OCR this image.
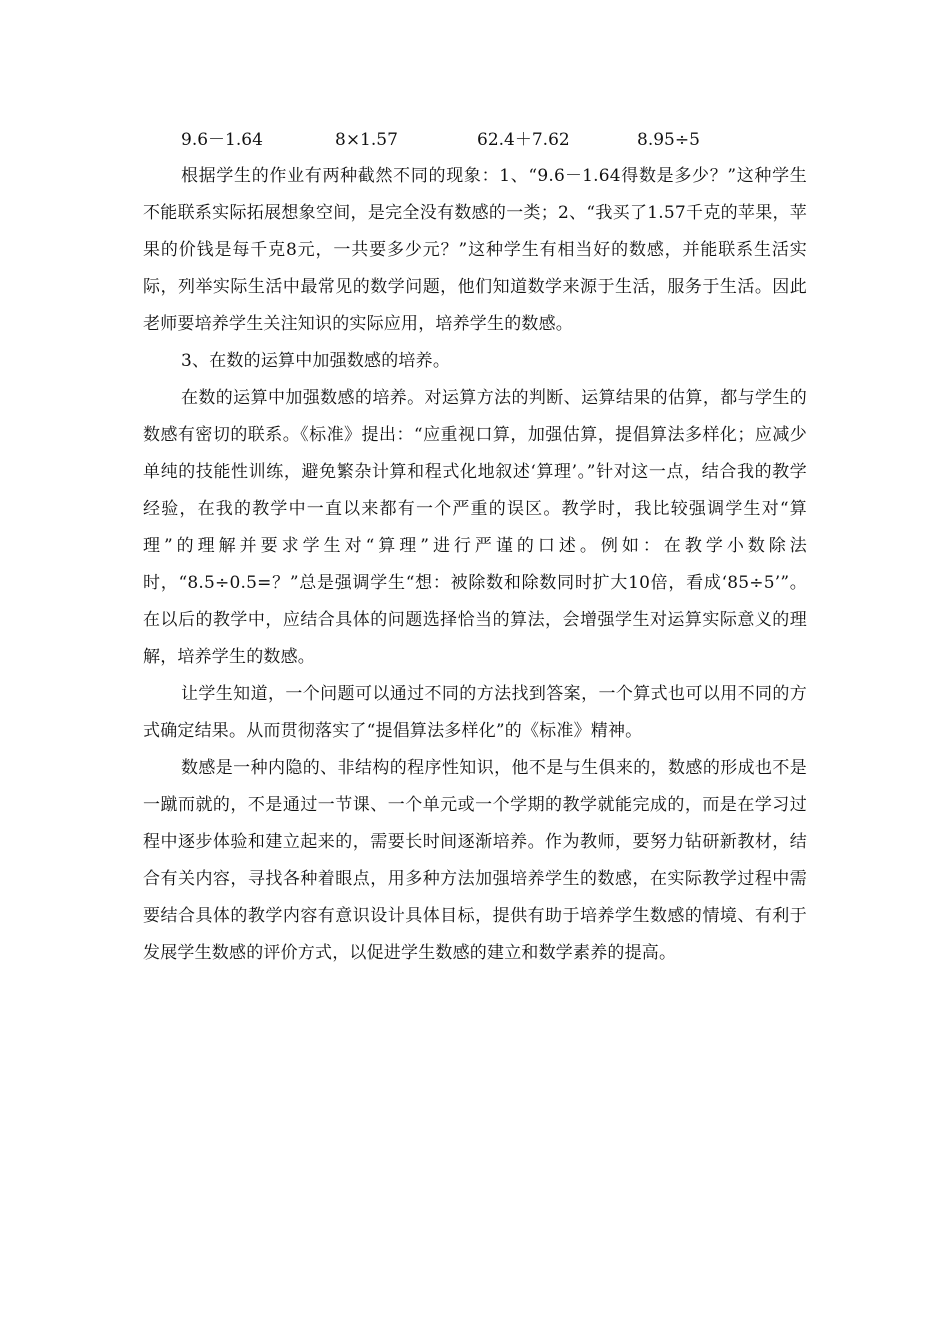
9.6－1.64	8×1.57	62.4＋7.62	8.95÷5

根据学生的作业有两种截然不同的现象：1、“9.6－1.64得数是多少？”这种学生不能联系实际拓展想象空间，是完全没有数感的一类；2、“我买了1.57千克的苹果，苹果的价钱是每千克8元，一共要多少元？”这种学生有相当好的数感，并能联系生活实际，列举实际生活中最常见的数学问题，他们知道数学来源于生活，服务于生活。因此老师要培养学生关注知识的实际应用，培养学生的数感。

3、在数的运算中加强数感的培养。

在数的运算中加强数感的培养。对运算方法的判断、运算结果的估算，都与学生的数感有密切的联系。《标准》提出：“应重视口算，加强估算，提倡算法多样化；应减少单纯的技能性训练，避免繁杂计算和程式化地叙述‘算理’。”针对这一点，结合我的教学经验，在我的教学中一直以来都有一个严重的误区。教学时，我比较强调学生对“算理”的理解并要求学生对“算理”进行严谨的口述。例如：在教学小数除法时，“8.5÷0.5=？”总是强调学生“想：被除数和除数同时扩大10倍，看成‘85÷5’”。在以后的教学中，应结合具体的问题选择恰当的算法，会增强学生对运算实际意义的理解，培养学生的数感。

让学生知道，一个问题可以通过不同的方法找到答案，一个算式也可以用不同的方式确定结果。从而贯彻落实了“提倡算法多样化”的《标准》精神。

数感是一种内隐的、非结构的程序性知识，他不是与生俱来的，数感的形成也不是一蹴而就的，不是通过一节课、一个单元或一个学期的教学就能完成的，而是在学习过程中逐步体验和建立起来的，需要长时间逐渐培养。作为教师，要努力钻研新教材，结合有关内容，寻找各种着眼点，用多种方法加强培养学生的数感，在实际教学过程中需要结合具体的教学内容有意识设计具体目标，提供有助于培养学生数感的情境、有利于发展学生数感的评价方式，以促进学生数感的建立和数学素养的提高。
